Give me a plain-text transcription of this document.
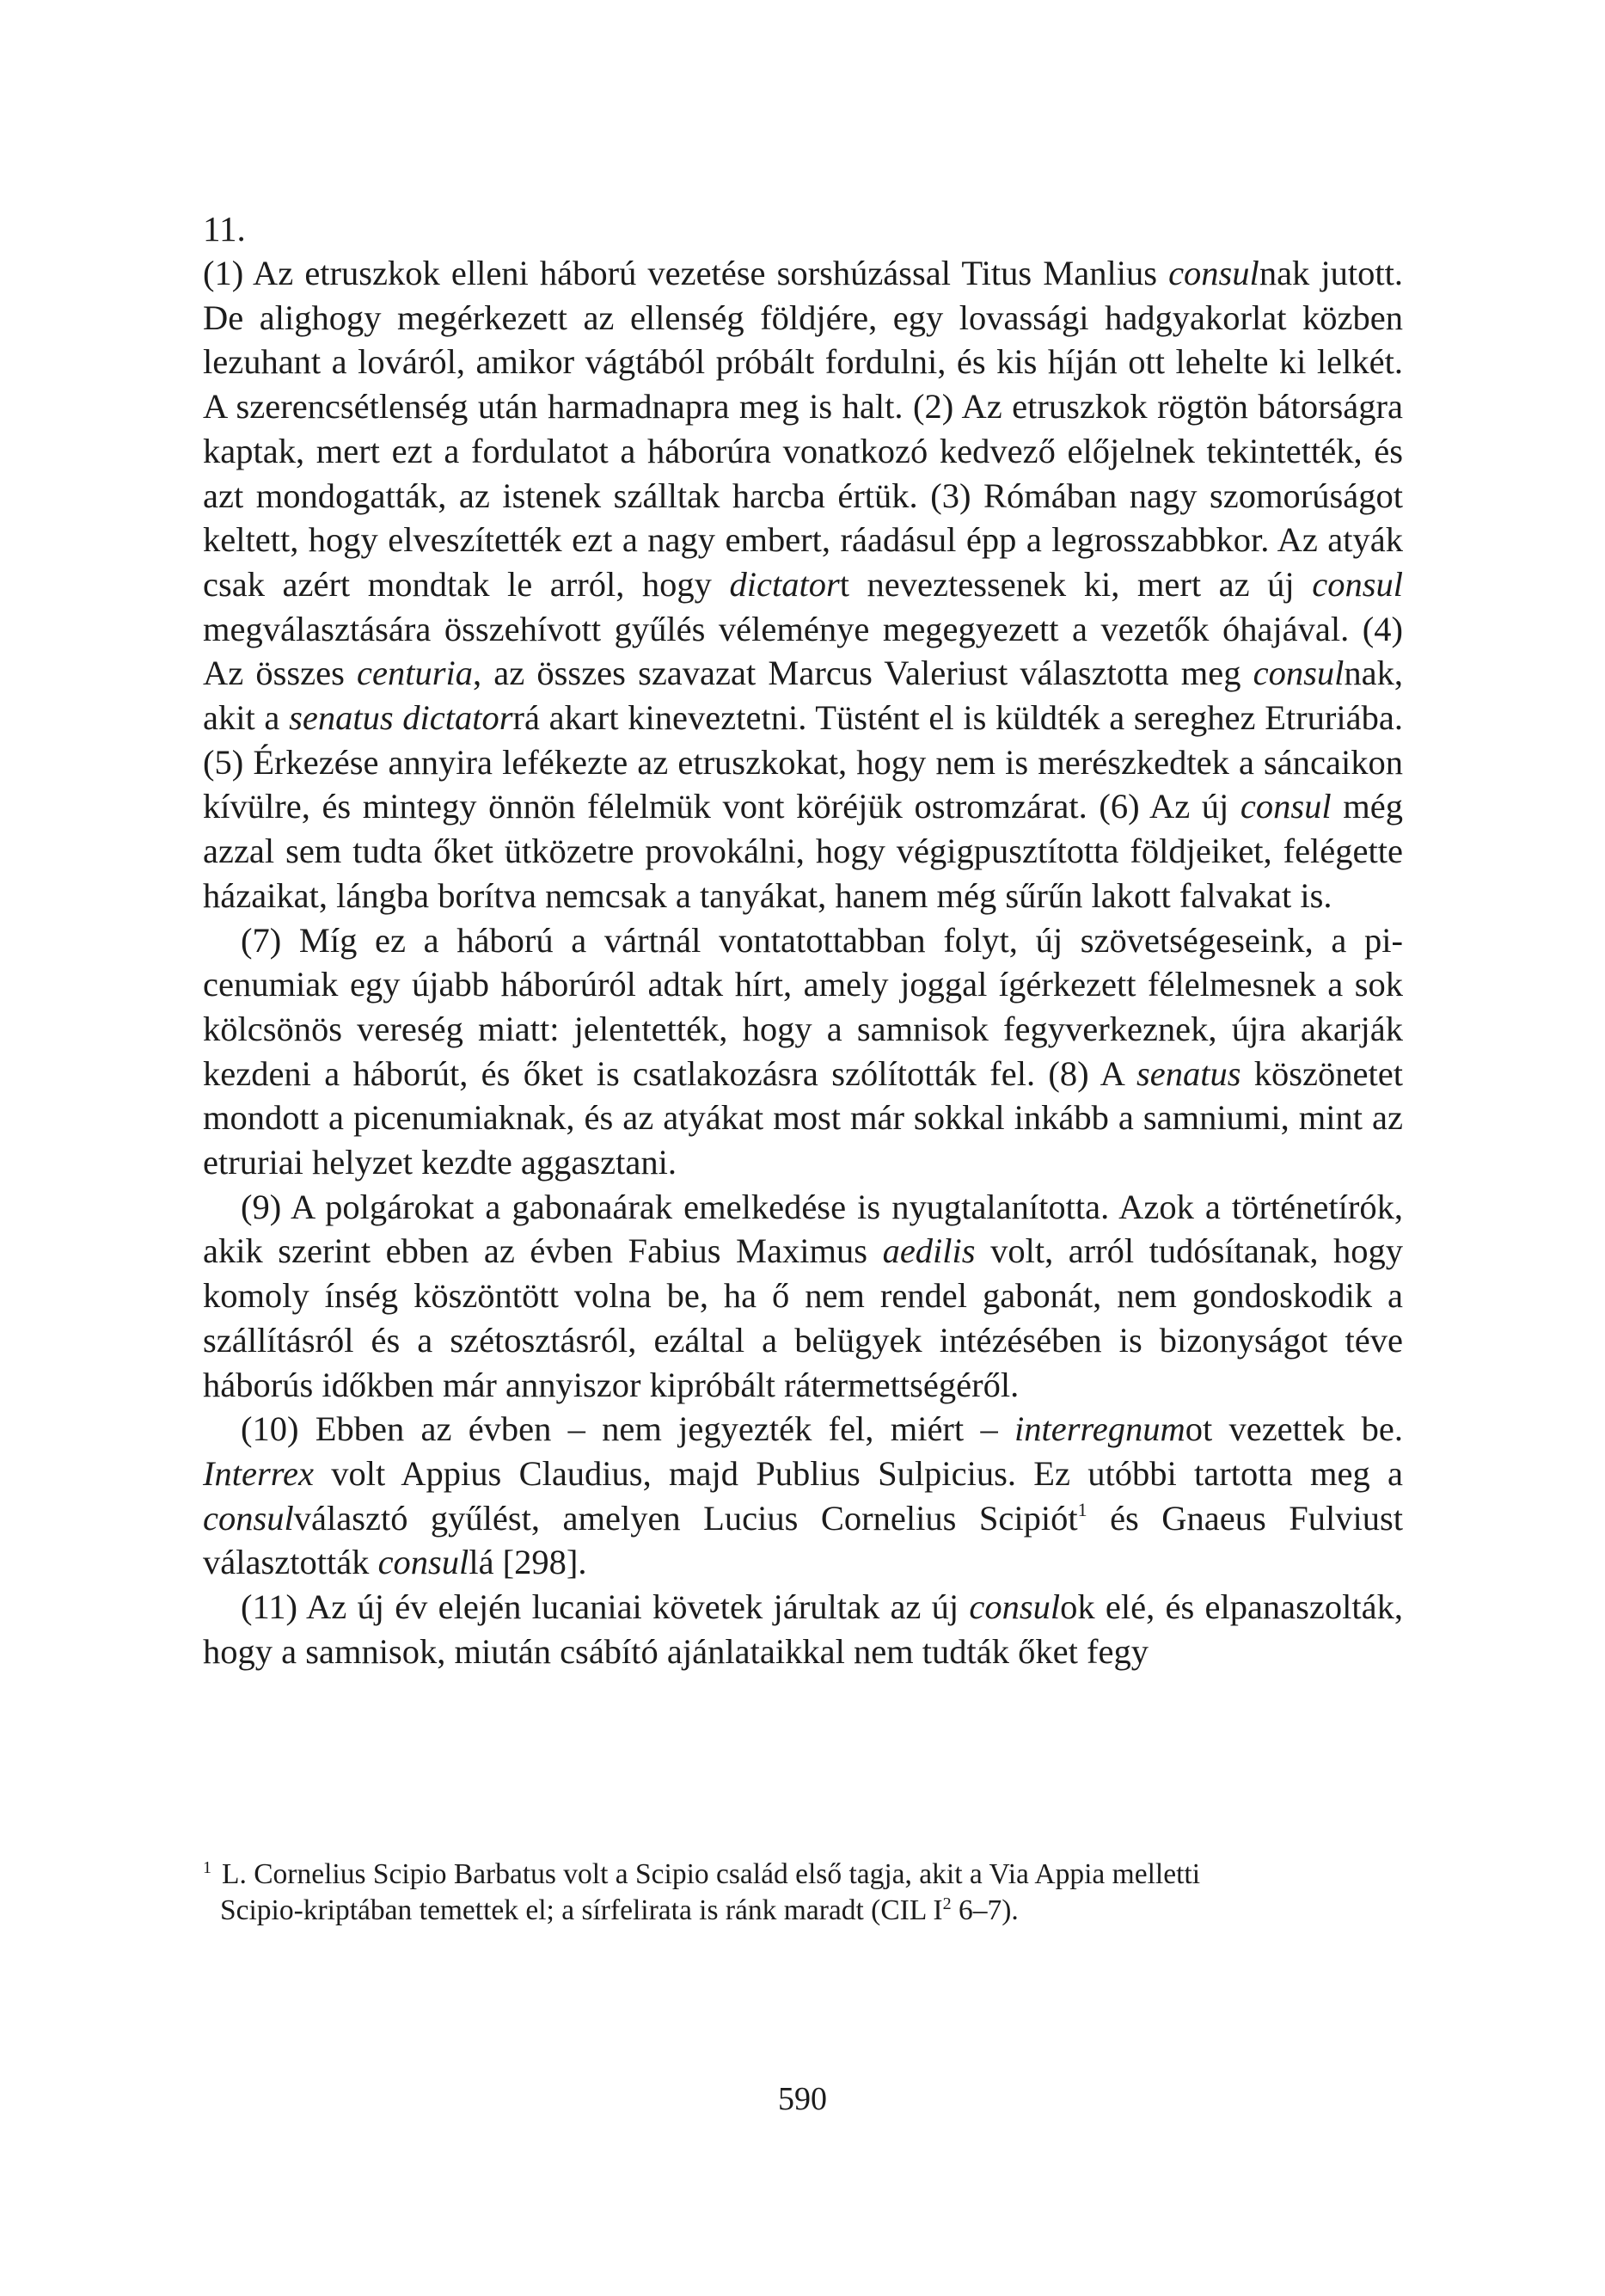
11.

(1) Az etruszkok elleni háború vezetése sorshúzással Titus Manlius consulnak jutott. De alighogy megérkezett az ellenség földjére, egy lovassági hadgyakorlat közben lezuhant a lováról, amikor vágtából próbált fordulni, és kis híján ott lehelte ki lelkét. A szerencsétlenség után harmadnapra meg is halt. (2) Az etruszkok rögtön bátorságra kaptak, mert ezt a fordulatot a háborúra vonatkozó kedvező előjelnek tekintették, és azt mondogatták, az istenek szálltak harcba értük. (3) Rómában nagy szomorúságot keltett, hogy elveszítették ezt a nagy embert, ráadásul épp a legrosszabbkor. Az atyák csak azért mondtak le arról, hogy dictatort neveztessenek ki, mert az új consul megválasztására összehívott gyűlés véleménye megegyezett a vezetők óhajával. (4) Az összes centuria, az összes szavazat Marcus Valeriust választotta meg consulnak, akit a senatus dictatorrá akart kineveztetni. Tüstént el is küldték a sereghez Etruriába. (5) Érkezése annyira lefékezte az etruszkokat, hogy nem is merészkedtek a sáncaikon kívülre, és mintegy önnön félelmük vont köréjük ostromzárat. (6) Az új consul még azzal sem tudta őket ütközetre provokálni, hogy végigpusztította földjeiket, felégette házaikat, lángba borítva nemcsak a tanyákat, hanem még sűrűn lakott falvakat is.

(7) Míg ez a háború a vártnál vontatottabban folyt, új szövetségeseink, a picenumiak egy újabb háborúról adtak hírt, amely joggal ígérkezett félelmesnek a sok kölcsönös vereség miatt: jelentették, hogy a samnisok fegyverkeznek, újra akarják kezdeni a háborút, és őket is csatlakozásra szólították fel. (8) A senatus köszönetet mondott a picenumiaknak, és az atyákat most már sokkal inkább a samniumi, mint az etruriai helyzet kezdte aggasztani.

(9) A polgárokat a gabonaárak emelkedése is nyugtalanította. Azok a történetírók, akik szerint ebben az évben Fabius Maximus aedilis volt, arról tudósítanak, hogy komoly ínség köszöntött volna be, ha ő nem rendel gabonát, nem gondoskodik a szállításról és a szétosztásról, ezáltal a belügyek intézésében is bizonyságot téve háborús időkben már annyiszor kipróbált rátermettségéről.

(10) Ebben az évben – nem jegyezték fel, miért – interregnumot vezettek be. Interrex volt Appius Claudius, majd Publius Sulpicius. Ez utóbbi tartotta meg a consulválasztó gyűlést, amelyen Lucius Cornelius Scipiót$^1$ és Gnaeus Fulviust választották consullá [298].

(11) Az új év elején lucaniai követek járultak az új consulok elé, és elpanaszolták, hogy a samnisok, miután csábító ajánlataikkal nem tudták őket fegy

$^1$ L. Cornelius Scipio Barbatus volt a Scipio család első tagja, akit a Via Appia melletti
Scipio-kriptában temettek el; a sírfelirata is ránk maradt (CIL $I^2$ 6–7).
590
